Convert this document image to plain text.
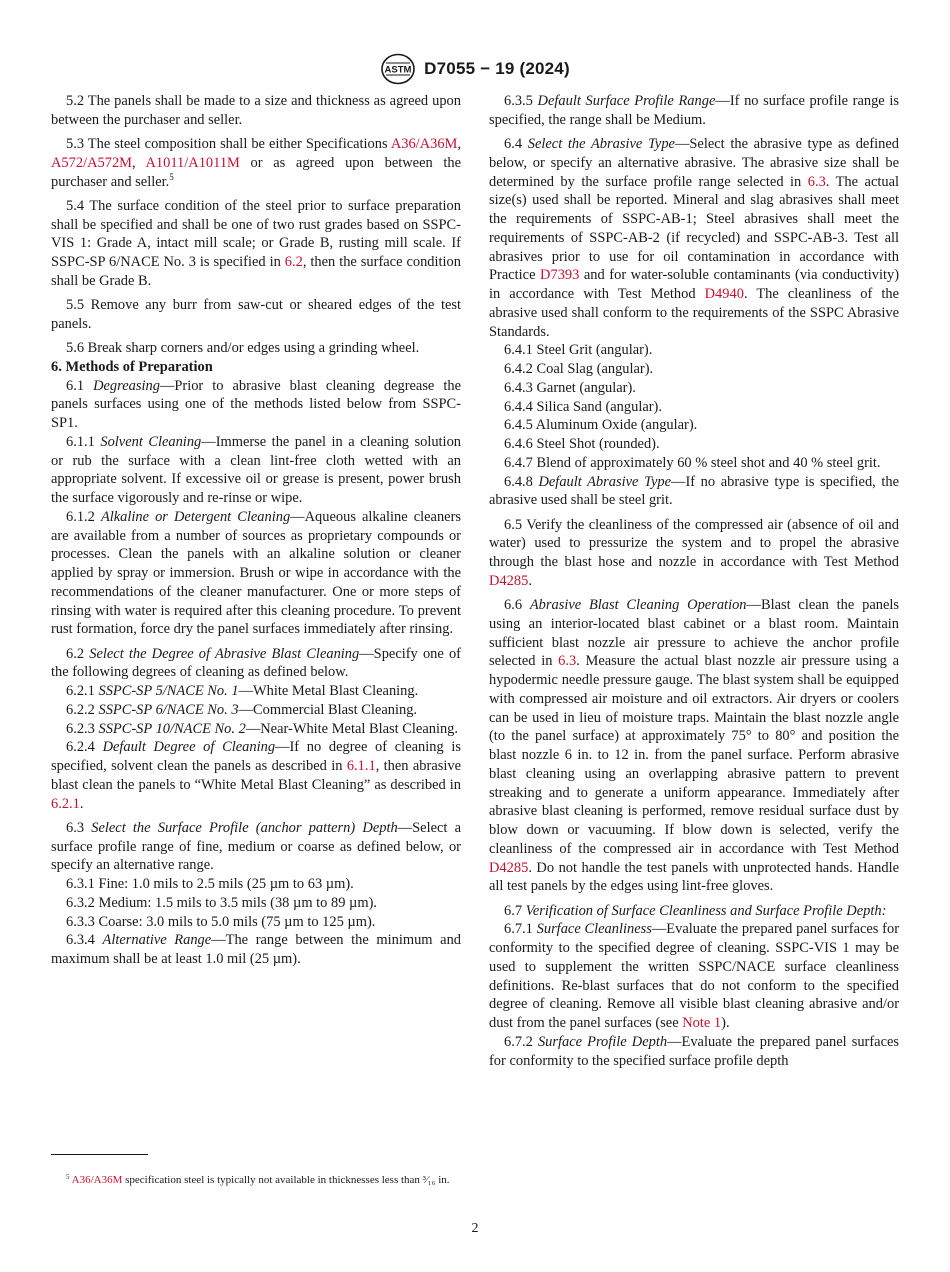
ASTM D7055 − 19 (2024)

5.2 The panels shall be made to a size and thickness as agreed upon between the purchaser and seller.

5.3 The steel composition shall be either Specifications A36/A36M, A572/A572M, A1011/A1011M or as agreed upon between the purchaser and seller.$^5$

5.4 The surface condition of the steel prior to surface preparation shall be specified and shall be one of two rust grades based on SSPC-VIS 1: Grade A, intact mill scale; or Grade B, rusting mill scale. If SSPC-SP 6/NACE No. 3 is specified in 6.2, then the surface condition shall be Grade B.

5.5 Remove any burr from saw-cut or sheared edges of the test panels.

5.6 Break sharp corners and/or edges using a grinding wheel.

6. Methods of Preparation

6.1 Degreasing—Prior to abrasive blast cleaning degrease the panels surfaces using one of the methods listed below from SSPC-SP1.

6.1.1 Solvent Cleaning—Immerse the panel in a cleaning solution or rub the surface with a clean lint-free cloth wetted with an appropriate solvent. If excessive oil or grease is present, power brush the surface vigorously and re-rinse or wipe.

6.1.2 Alkaline or Detergent Cleaning—Aqueous alkaline cleaners are available from a number of sources as proprietary compounds or processes. Clean the panels with an alkaline solution or cleaner applied by spray or immersion. Brush or wipe in accordance with the recommendations of the cleaner manufacturer. One or more steps of rinsing with water is required after this cleaning procedure. To prevent rust formation, force dry the panel surfaces immediately after rinsing.

6.2 Select the Degree of Abrasive Blast Cleaning—Specify one of the following degrees of cleaning as defined below.

6.2.1 SSPC-SP 5/NACE No. 1—White Metal Blast Cleaning.

6.2.2 SSPC-SP 6/NACE No. 3—Commercial Blast Cleaning.

6.2.3 SSPC-SP 10/NACE No. 2—Near-White Metal Blast Cleaning.

6.2.4 Default Degree of Cleaning—If no degree of cleaning is specified, solvent clean the panels as described in 6.1.1, then abrasive blast clean the panels to “White Metal Blast Cleaning” as described in 6.2.1.

6.3 Select the Surface Profile (anchor pattern) Depth—Select a surface profile range of fine, medium or coarse as defined below, or specify an alternative range.

6.3.1 Fine: 1.0 mils to 2.5 mils (25 µm to 63 µm).

6.3.2 Medium: 1.5 mils to 3.5 mils (38 µm to 89 µm).

6.3.3 Coarse: 3.0 mils to 5.0 mils (75 µm to 125 µm).

6.3.4 Alternative Range—The range between the minimum and maximum shall be at least 1.0 mil (25 µm).

$^5$ A36/A36M specification steel is typically not available in thicknesses less than ³⁄₁₆ in.

6.3.5 Default Surface Profile Range—If no surface profile range is specified, the range shall be Medium.

6.4 Select the Abrasive Type—Select the abrasive type as defined below, or specify an alternative abrasive. The abrasive size shall be determined by the surface profile range selected in 6.3. The actual size(s) used shall be reported. Mineral and slag abrasives shall meet the requirements of SSPC-AB-1; Steel abrasives shall meet the requirements of SSPC-AB-2 (if recycled) and SSPC-AB-3. Test all abrasives prior to use for oil contamination in accordance with Practice D7393 and for water-soluble contaminants (via conductivity) in accordance with Test Method D4940. The cleanliness of the abrasive used shall conform to the requirements of the SSPC Abrasive Standards.

6.4.1 Steel Grit (angular).

6.4.2 Coal Slag (angular).

6.4.3 Garnet (angular).

6.4.4 Silica Sand (angular).

6.4.5 Aluminum Oxide (angular).

6.4.6 Steel Shot (rounded).

6.4.7 Blend of approximately 60 % steel shot and 40 % steel grit.

6.4.8 Default Abrasive Type—If no abrasive type is specified, the abrasive used shall be steel grit.

6.5 Verify the cleanliness of the compressed air (absence of oil and water) used to pressurize the system and to propel the abrasive through the blast hose and nozzle in accordance with Test Method D4285.

6.6 Abrasive Blast Cleaning Operation—Blast clean the panels using an interior-located blast cabinet or a blast room. Maintain sufficient blast nozzle air pressure to achieve the anchor profile selected in 6.3. Measure the actual blast nozzle air pressure using a hypodermic needle pressure gauge. The blast system shall be equipped with compressed air moisture and oil extractors. Air dryers or coolers can be used in lieu of moisture traps. Maintain the blast nozzle angle (to the panel surface) at approximately 75° to 80° and position the blast nozzle 6 in. to 12 in. from the panel surface. Perform abrasive blast cleaning using an overlapping abrasive pattern to prevent streaking and to generate a uniform appearance. Immediately after abrasive blast cleaning is performed, remove residual surface dust by blow down or vacuuming. If blow down is selected, verify the cleanliness of the compressed air in accordance with Test Method D4285. Do not handle the test panels with unprotected hands. Handle all test panels by the edges using lint-free gloves.

6.7 Verification of Surface Cleanliness and Surface Profile Depth:

6.7.1 Surface Cleanliness—Evaluate the prepared panel surfaces for conformity to the specified degree of cleaning. SSPC-VIS 1 may be used to supplement the written SSPC/NACE surface cleanliness definitions. Re-blast surfaces that do not conform to the specified degree of cleaning. Remove all visible blast cleaning abrasive and/or dust from the panel surfaces (see Note 1).

6.7.2 Surface Profile Depth—Evaluate the prepared panel surfaces for conformity to the specified surface profile depth

2
